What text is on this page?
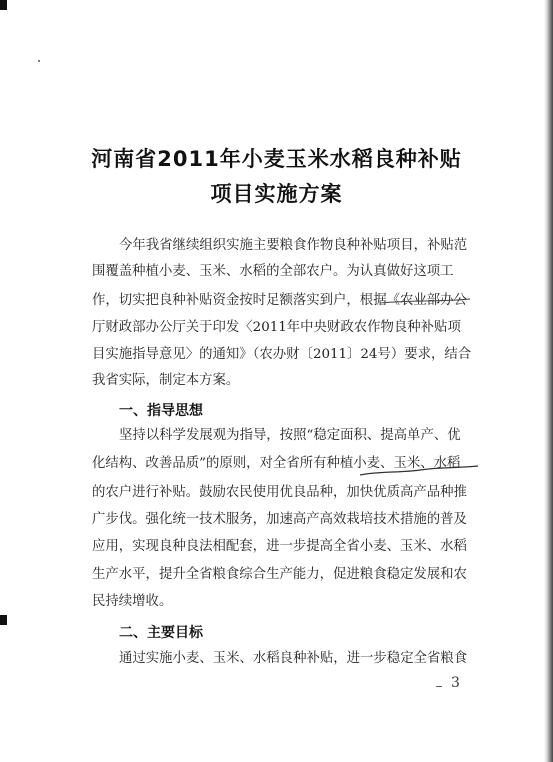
河南省2011年小麦玉米水稻良种补贴
项目实施方案
今年我省继续组织实施主要粮食作物良种补贴项目，补贴范
围覆盖种植小麦、玉米、水稻的全部农户。为认真做好这项工
作，切实把良种补贴资金按时足额落实到户，根据《农业部办公
厅财政部办公厅关于印发〈2011年中央财政农作物良种补贴项
目实施指导意见〉的通知》（农办财〔2011〕24号）要求，结合
我省实际，制定本方案。
一、指导思想
坚持以科学发展观为指导，按照“稳定面积、提高单产、优
化结构、改善品质”的原则，对全省所有种植小麦、玉米、水稻
的农户进行补贴。鼓励农民使用优良品种，加快优质高产品种推
广步伐。强化统一技术服务，加速高产高效栽培技术措施的普及
应用，实现良种良法相配套，进一步提高全省小麦、玉米、水稻
生产水平，提升全省粮食综合生产能力，促进粮食稳定发展和农
民持续增收。
二、主要目标
通过实施小麦、玉米、水稻良种补贴，进一步稳定全省粮食
3
